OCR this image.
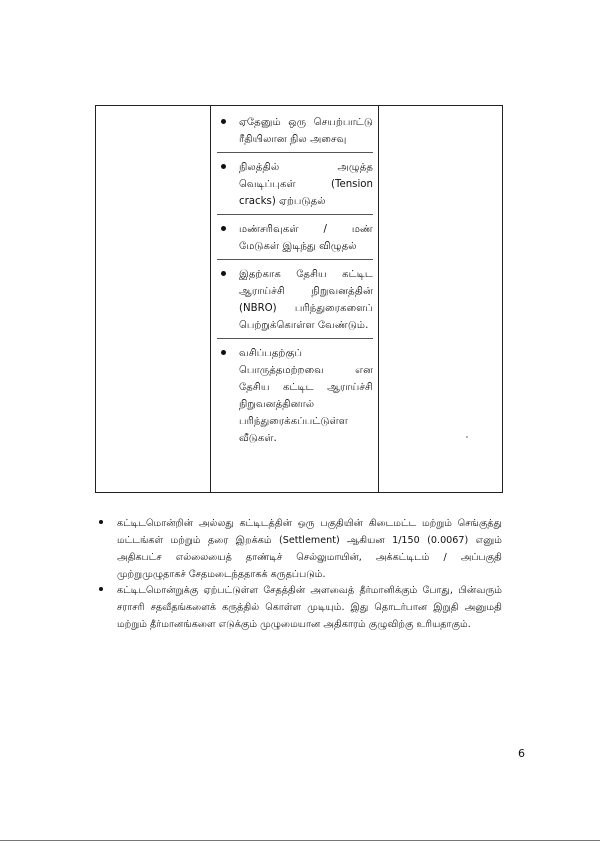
ஏதேனும் ஒரு செயற்பாட்டு ரீதியிலான நில அசைவு
நிலத்தில் அழுத்த வெடிப்புகள் (Tension cracks) ஏற்படுதல்
மண்சரிவுகள் / மண் மேடுகள் இடிந்து விழுதல்
இதற்காக தேசிய கட்டிட ஆராய்ச்சி நிறுவனத்தின் (NBRO) பரிந்துரைகளைப் பெற்றுக்கொள்ள வேண்டும்.
வசிப்பதற்குப் பொருத்தமற்றவை என தேசிய கட்டிட ஆராய்ச்சி நிறுவனத்தினால் பரிந்துரைக்கப்பட்டுள்ள வீடுகள்.
கட்டிடமொன்றின் அல்லது கட்டிடத்தின் ஒரு பகுதியின் கிடைமட்ட மற்றும் செங்குத்து மட்டங்கள் மற்றும் தரை இறக்கம் (Settlement) ஆகியன 1/150 (0.0067) எனும் அதிகபட்ச எல்லையைத் தாண்டிச் செல்லுமாயின், அக்கட்டிடம் / அப்பகுதி முற்றுமுழுதாகச் சேதமடைந்ததாகக் கருதப்படும்.
கட்டிடமொன்றுக்கு ஏற்பட்டுள்ள சேதத்தின் அளவைத் தீர்மானிக்கும் போது, பின்வரும் சராசரி சதவீதங்களைக் கருத்தில் கொள்ள முடியும். இது தொடர்பான இறுதி அனுமதி மற்றும் தீர்மானங்களை எடுக்கும் முழுமையான அதிகாரம் குழுவிற்கு உரியதாகும்.
6
